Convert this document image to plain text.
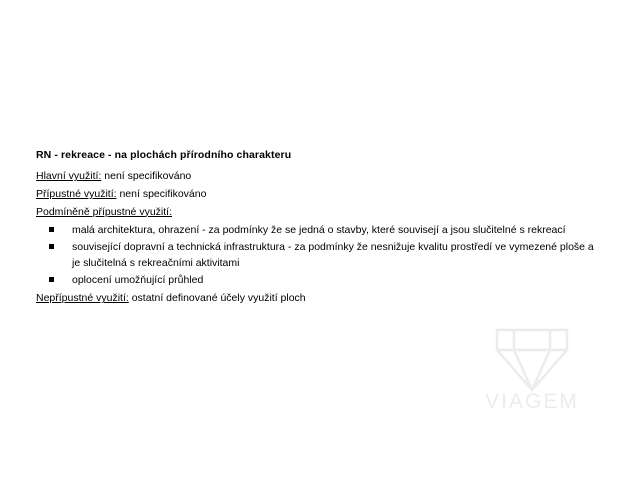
RN - rekreace - na plochách přírodního charakteru

Hlavní využití: není specifikováno

Přípustné využití: není specifikováno

Podmíněně přípustné využití:

malá architektura, ohrazení - za podmínky že se jedná o stavby, které souvisejí a jsou slučitelné s rekreací
související dopravní a technická infrastruktura - za podmínky že nesnižuje kvalitu prostředí ve vymezené ploše a je slučitelná s rekreačními aktivitami
oplocení umožňující průhled

Nepřípustné využití: ostatní definované účely využití ploch

VIAGEM
